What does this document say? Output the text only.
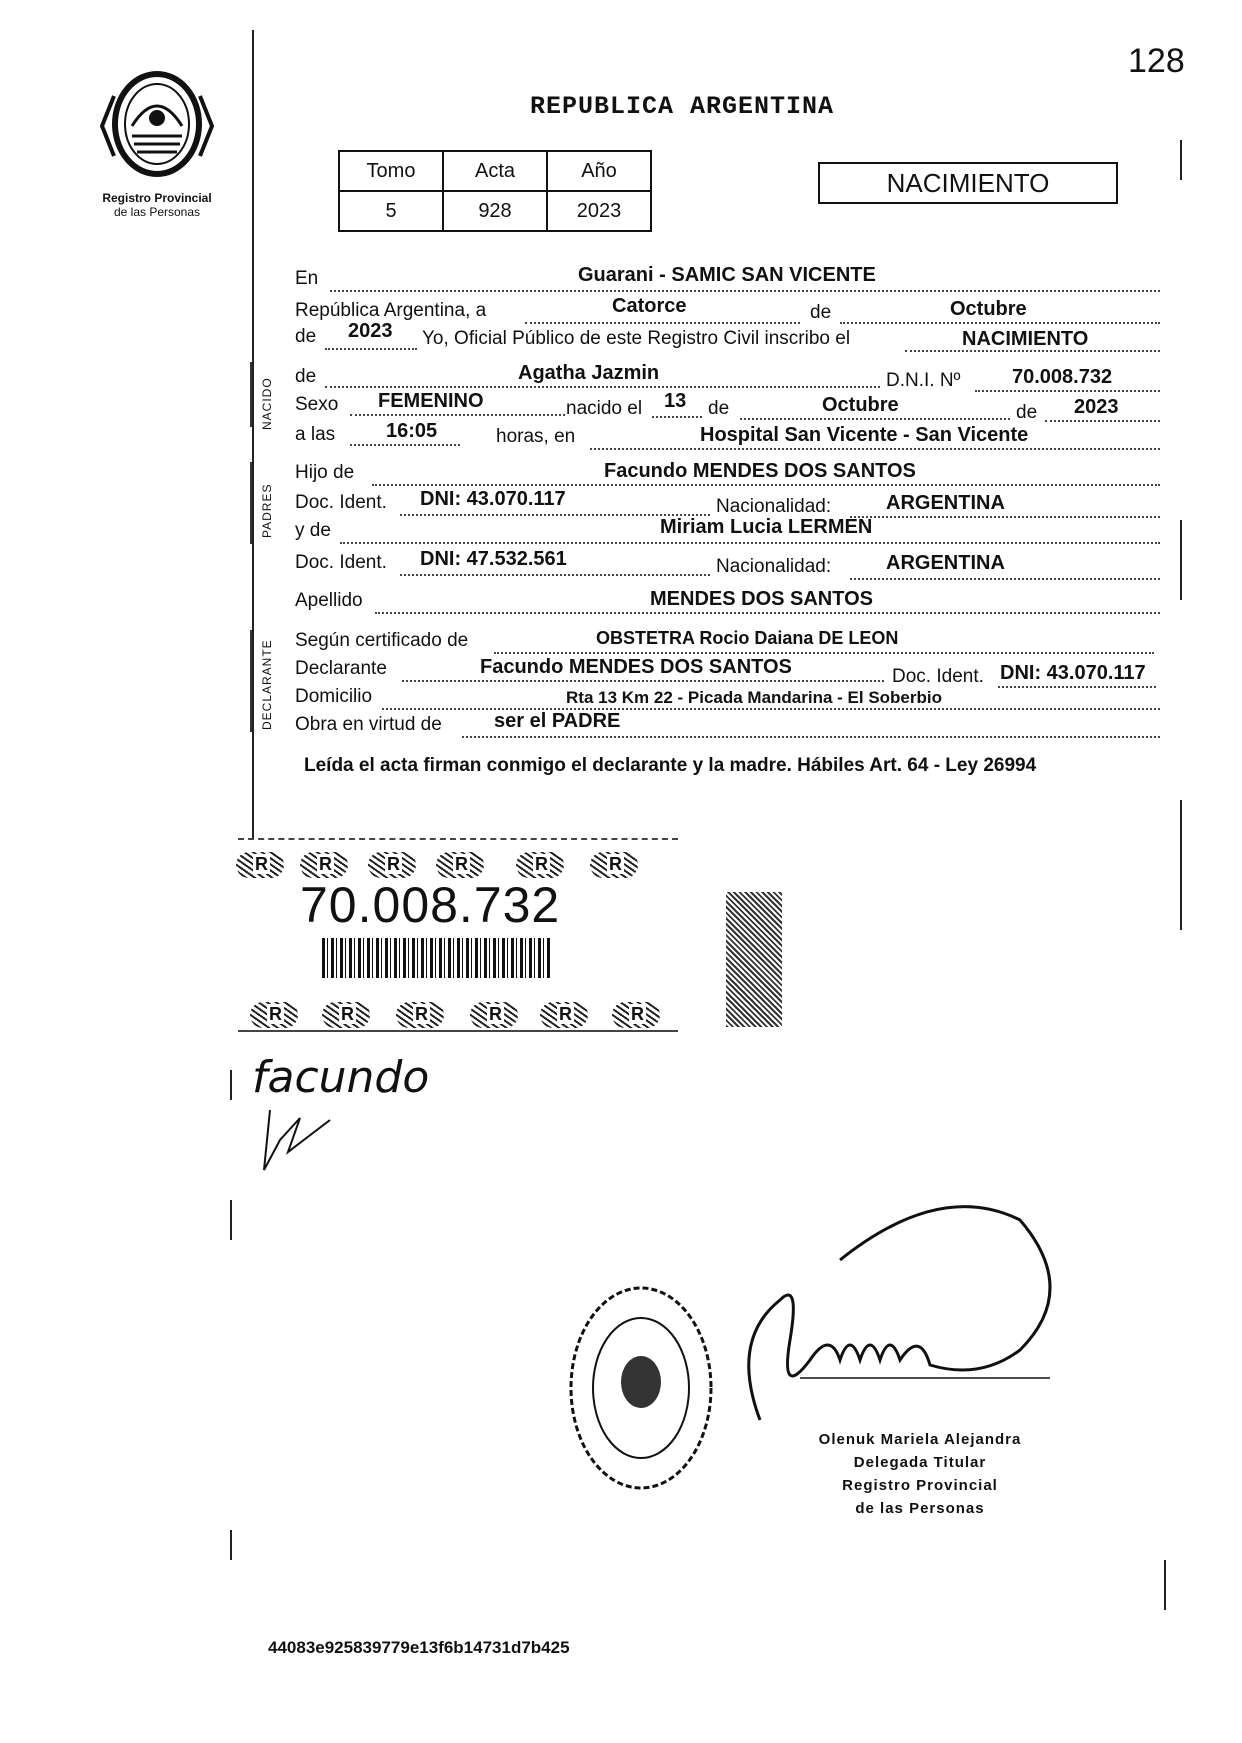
128
Registro Provincial
de las Personas
REPUBLICA ARGENTINA
Tomo	Acta	Año
5	928	2023
NACIMIENTO
NACIDO
PADRES
DECLARANTE
En	Guarani - SAMIC SAN VICENTE
República Argentina, a	Catorce	de	Octubre
de 2023 Yo, Oficial Público de este Registro Civil inscribo el	NACIMIENTO
de	Agatha Jazmin	D.N.I. Nº	70.008.732
Sexo FEMENINO	nacido el 13 de	Octubre	de 2023
a las	16:05	horas, en	Hospital San Vicente - San Vicente
Hijo de	Facundo MENDES DOS SANTOS
Doc. Ident. DNI: 43.070.117	Nacionalidad:	ARGENTINA
y de	Miriam Lucia LERMEN
Doc. Ident. DNI: 47.532.561	Nacionalidad:	ARGENTINA
Apellido	MENDES DOS SANTOS
Según certificado de	OBSTETRA Rocio Daiana DE LEON
Declarante	Facundo MENDES DOS SANTOS	Doc. Ident. DNI: 43.070.117
Domicilio	Rta 13 Km 22 - Picada Mandarina - El Soberbio
Obra en virtud de	ser el PADRE
Leída el acta firman conmigo el declarante y la madre. Hábiles Art. 64 - Ley 26994
R	R	R	R	R	R
70.008.732
R	R	R	R	R	R
facundo
Olenuk Mariela Alejandra
Delegada Titular
Registro Provincial
de las Personas
44083e925839779e13f6b14731d7b425
